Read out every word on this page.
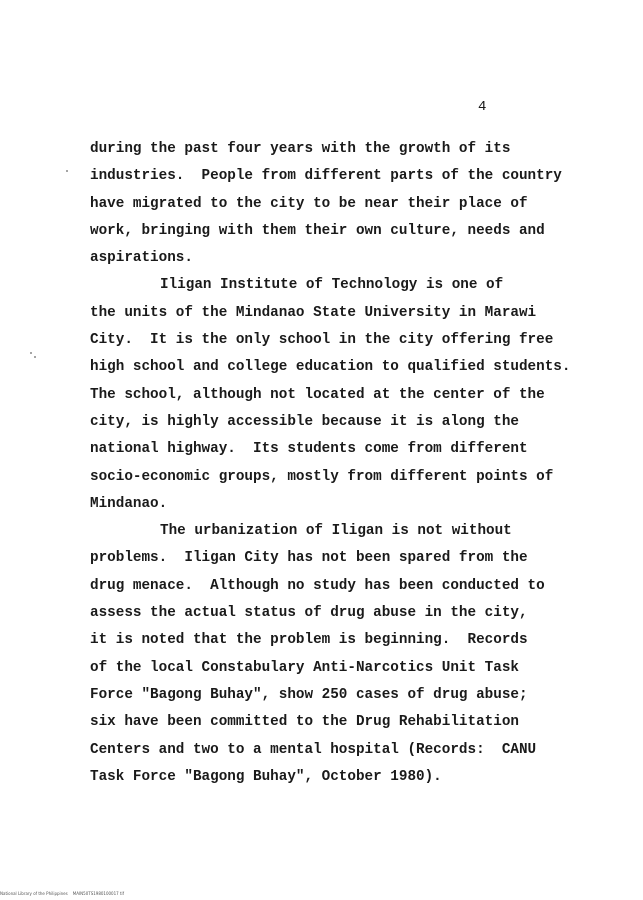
4

during the past four years with the growth of its
industries.  People from different parts of the country
have migrated to the city to be near their place of
work, bringing with them their own culture, needs and
aspirations.
Iligan Institute of Technology is one of
the units of the Mindanao State University in Marawi
City.  It is the only school in the city offering free
high school and college education to qualified students.
The school, although not located at the center of the
city, is highly accessible because it is along the
national highway.  Its students come from different
socio-economic groups, mostly from different points of
Mindanao.
The urbanization of Iligan is not without
problems.  Iligan City has not been spared from the
drug menace.  Although no study has been conducted to
assess the actual status of drug abuse in the city,
it is noted that the problem is beginning.  Records
of the local Constabulary Anti-Narcotics Unit Task
Force "Bagong Buhay", show 250 cases of drug abuse;
six have been committed to the Drug Rehabilitation
Centers and two to a mental hospital (Records:  CANU
Task Force "Bagong Buhay", October 1980).

National Library of the Philippines    MAIN50TS1980100017 tif
